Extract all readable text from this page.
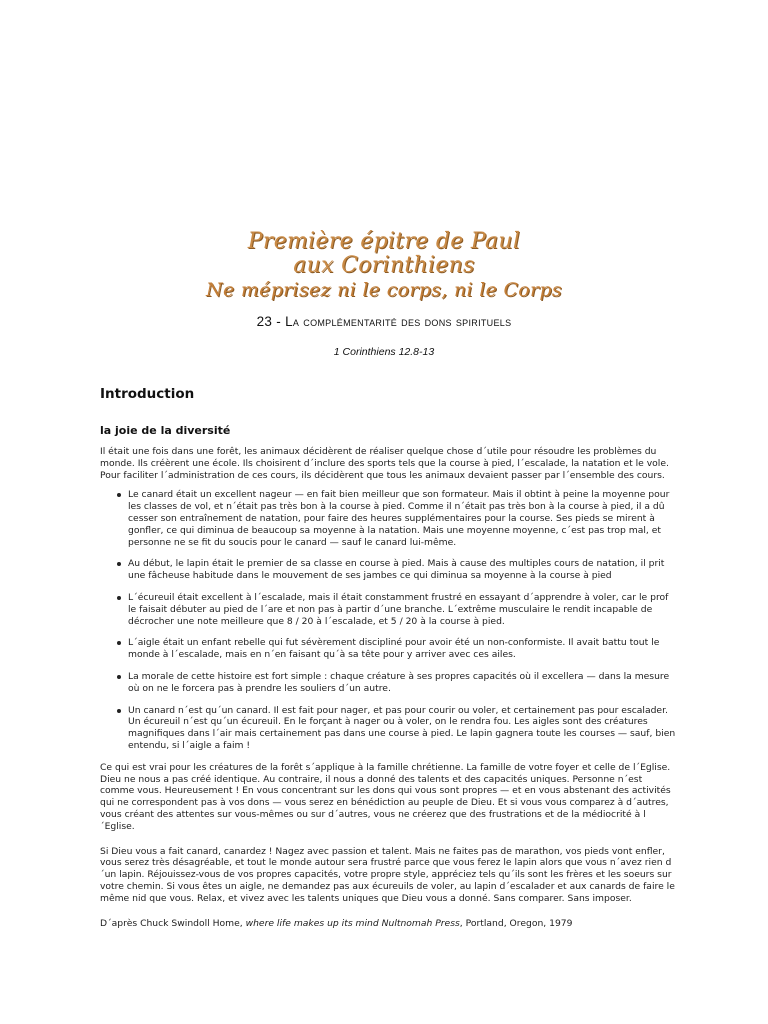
Première épitre de Paul
aux Corinthiens
Ne méprisez ni le corps, ni le Corps
23 - La complémentarité des dons spirituels
1 Corinthiens 12.8-13
Introduction
la joie de la diversité

Il était une fois dans une forêt, les animaux décidèrent de réaliser quelque chose d´utile pour résoudre les problèmes du monde. Ils créèrent une école. Ils choisirent d´inclure des sports tels que la course à pied, l´escalade, la natation et le vole. Pour faciliter l´administration de ces cours, ils décidèrent que tous les animaux devaient passer par l´ensemble des cours.

Le canard était un excellent nageur — en fait bien meilleur que son formateur. Mais il obtint à peine la moyenne pour les classes de vol, et n´était pas très bon à la course à pied. Comme il n´était pas très bon à la course à pied, il a dû cesser son entraînement de natation, pour faire des heures supplémentaires pour la course. Ses pieds se mirent à gonfler, ce qui diminua de beaucoup sa moyenne à la natation. Mais une moyenne moyenne, c´est pas trop mal, et personne ne se fit du soucis pour le canard — sauf le canard lui-même.
Au début, le lapin était le premier de sa classe en course à pied. Mais à cause des multiples cours de natation, il prit une fâcheuse habitude dans le mouvement de ses jambes ce qui diminua sa moyenne à la course à pied
L´écureuil était excellent à l´escalade, mais il était constamment frustré en essayant d´apprendre à voler, car le prof le faisait débuter au pied de l´are et non pas à partir d´une branche. L´extrême musculaire le rendit incapable de décrocher une note meilleure que 8 / 20 à l´escalade, et 5 / 20 à la course à pied.
L´aigle était un enfant rebelle qui fut sévèrement discipliné pour avoir été un non-conformiste. Il avait battu tout le monde à l´escalade, mais en n´en faisant qu´à sa tête pour y arriver avec ces ailes.
La morale de cette histoire est fort simple : chaque créature à ses propres capacités où il excellera — dans la mesure où on ne le forcera pas à prendre les souliers d´un autre.
Un canard n´est qu´un canard. Il est fait pour nager, et pas pour courir ou voler, et certainement pas pour escalader. Un écureuil n´est qu´un écureuil. En le forçant à nager ou à voler, on le rendra fou. Les aigles sont des créatures magnifiques dans l´air mais certainement pas dans une course à pied. Le lapin gagnera toute les courses — sauf, bien entendu, si l´aigle a faim !

Ce qui est vrai pour les créatures de la forêt s´applique à la famille chrétienne. La famille de votre foyer et celle de l´Eglise. Dieu ne nous a pas créé identique. Au contraire, il nous a donné des talents et des capacités uniques. Personne n´est comme vous. Heureusement ! En vous concentrant sur les dons qui vous sont propres — et en vous abstenant des activités qui ne correspondent pas à vos dons — vous serez en bénédiction au peuple de Dieu. Et si vous vous comparez à d´autres, vous créant des attentes sur vous-mêmes ou sur d´autres, vous ne créerez que des frustrations et de la médiocrité à l´Eglise.

Si Dieu vous a fait canard, canardez ! Nagez avec passion et talent. Mais ne faites pas de marathon, vos pieds vont enfler, vous serez très désagréable, et tout le monde autour sera frustré parce que vous ferez le lapin alors que vous n´avez rien d´un lapin. Réjouissez-vous de vos propres capacités, votre propre style, appréciez tels qu´ils sont les frères et les soeurs sur votre chemin. Si vous êtes un aigle, ne demandez pas aux écureuils de voler, au lapin d´escalader et aux canards de faire le même nid que vous. Relax, et vivez avec les talents uniques que Dieu vous a donné. Sans comparer. Sans imposer.

D´après Chuck Swindoll Home, where life makes up its mind Nultnomah Press, Portland, Oregon, 1979
